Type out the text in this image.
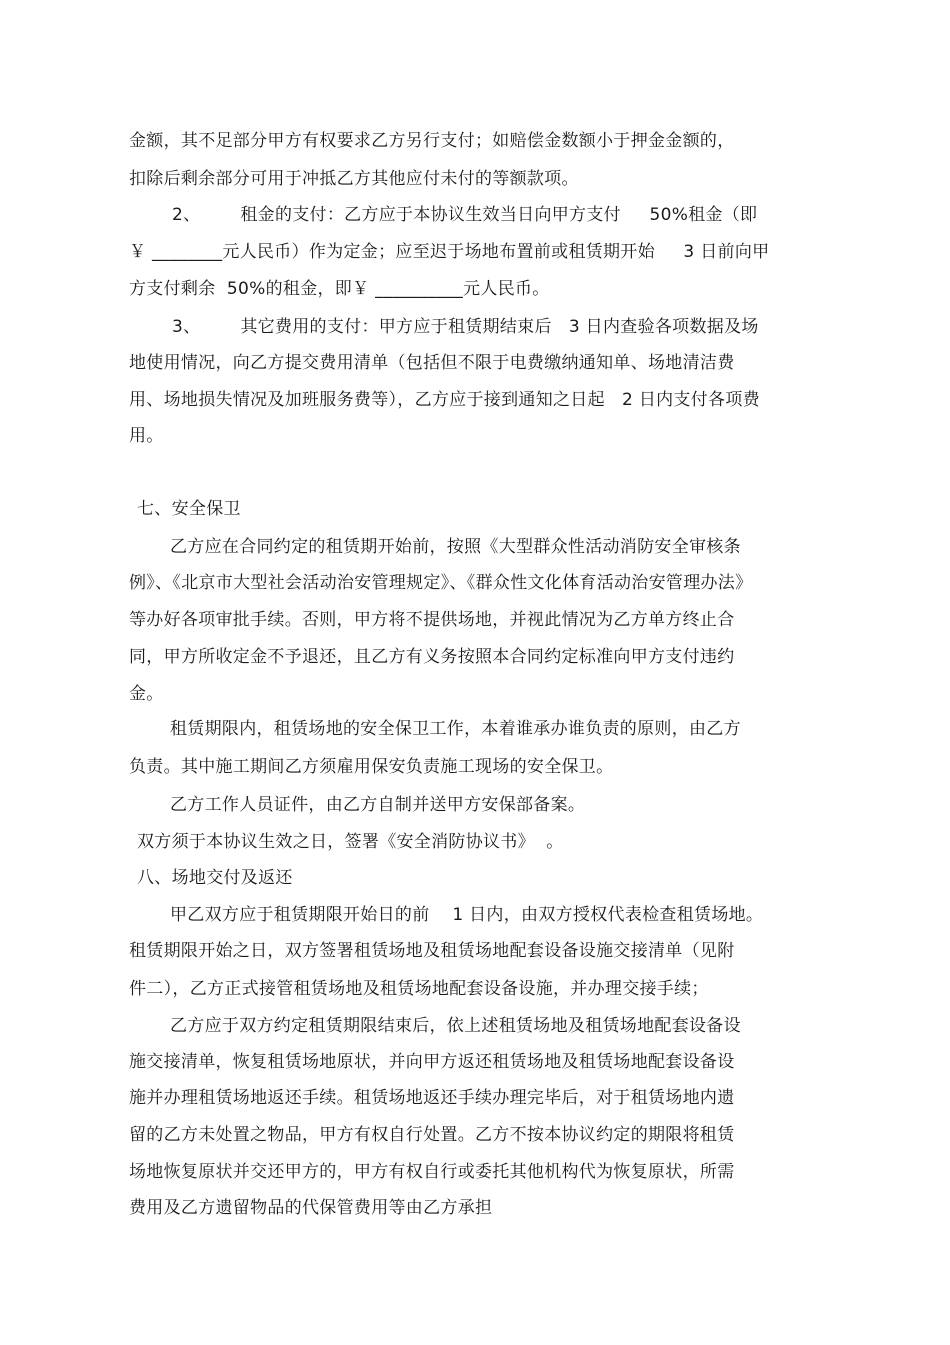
金额，其不足部分甲方有权要求乙方另行支付；如赔偿金数额小于押金金额的，
扣除后剩余部分可用于冲抵乙方其他应付未付的等额款项。
2、       租金的支付：乙方应于本协议生效当日向甲方支付     50%租金（即
￥ ________元人民币）作为定金；应至迟于场地布置前或租赁期开始     3 日前向甲
方支付剩余  50%的租金，即￥ __________元人民币。
3、       其它费用的支付：甲方应于租赁期结束后   3 日内查验各项数据及场
地使用情况，向乙方提交费用清单（包括但不限于电费缴纳通知单、场地清洁费
用、场地损失情况及加班服务费等），乙方应于接到通知之日起   2 日内支付各项费
用。
七、安全保卫
乙方应在合同约定的租赁期开始前，按照《大型群众性活动消防安全审核条
例》、《北京市大型社会活动治安管理规定》、《群众性文化体育活动治安管理办法》
等办好各项审批手续。否则，甲方将不提供场地，并视此情况为乙方单方终止合
同，甲方所收定金不予退还，且乙方有义务按照本合同约定标准向甲方支付违约
金。
租赁期限内，租赁场地的安全保卫工作，本着谁承办谁负责的原则，由乙方
负责。其中施工期间乙方须雇用保安负责施工现场的安全保卫。
乙方工作人员证件，由乙方自制并送甲方安保部备案。
双方须于本协议生效之日，签署《安全消防协议书》  。
八、场地交付及返还
甲乙双方应于租赁期限开始日的前    1 日内，由双方授权代表检查租赁场地。
租赁期限开始之日，双方签署租赁场地及租赁场地配套设备设施交接清单（见附
件二），乙方正式接管租赁场地及租赁场地配套设备设施，并办理交接手续；
乙方应于双方约定租赁期限结束后，依上述租赁场地及租赁场地配套设备设
施交接清单，恢复租赁场地原状，并向甲方返还租赁场地及租赁场地配套设备设
施并办理租赁场地返还手续。租赁场地返还手续办理完毕后，对于租赁场地内遗
留的乙方未处置之物品，甲方有权自行处置。乙方不按本协议约定的期限将租赁
场地恢复原状并交还甲方的，甲方有权自行或委托其他机构代为恢复原状，所需
费用及乙方遗留物品的代保管费用等由乙方承担
